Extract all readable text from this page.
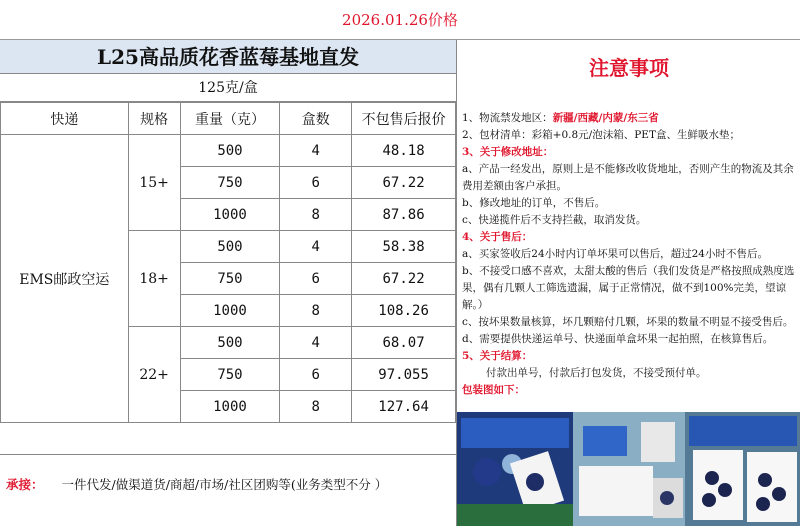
2026.01.26价格
L25高品质花香蓝莓基地直发
125克/盒
快递	规格	重量（克）	盒数	不包售后报价
EMS邮政空运	15+	500	4	48.18
		750	6	67.22
		1000	8	87.86
	18+	500	4	58.38
		750	6	67.22
		1000	8	108.26
	22+	500	4	68.07
		750	6	97.055
		1000	8	127.64
承接： 一件代发/做渠道货/商超/市场/社区团购等(业务类型不分 ）
注意事项

1、物流禁发地区：新疆/西藏/内蒙/东三省

2、包材清单：彩箱+0.8元/泡沫箱、PET盒、生鲜吸水垫；

3、关于修改地址：

a、产品一经发出，原则上是不能修改收货地址，否则产生的物流及其余费用差额由客户承担。

b、修改地址的订单，不售后。

c、快递揽件后不支持拦截，取消发货。

4、关于售后：

a、买家签收后24小时内订单坏果可以售后，超过24小时不售后。

b、不接受口感不喜欢，太甜太酸的售后（我们发货是严格按照成熟度选果，偶有几颗人工筛选遗漏，属于正常情况，做不到100%完美，望谅解。）

c、按坏果数量核算，坏几颗赔付几颗，坏果的数量不明显不接受售后。

d、需要提供快递运单号、快递面单盒坏果一起拍照，在核算售后。

5、关于结算：

付款出单号，付款后打包发货，不接受预付单。

包装图如下：
